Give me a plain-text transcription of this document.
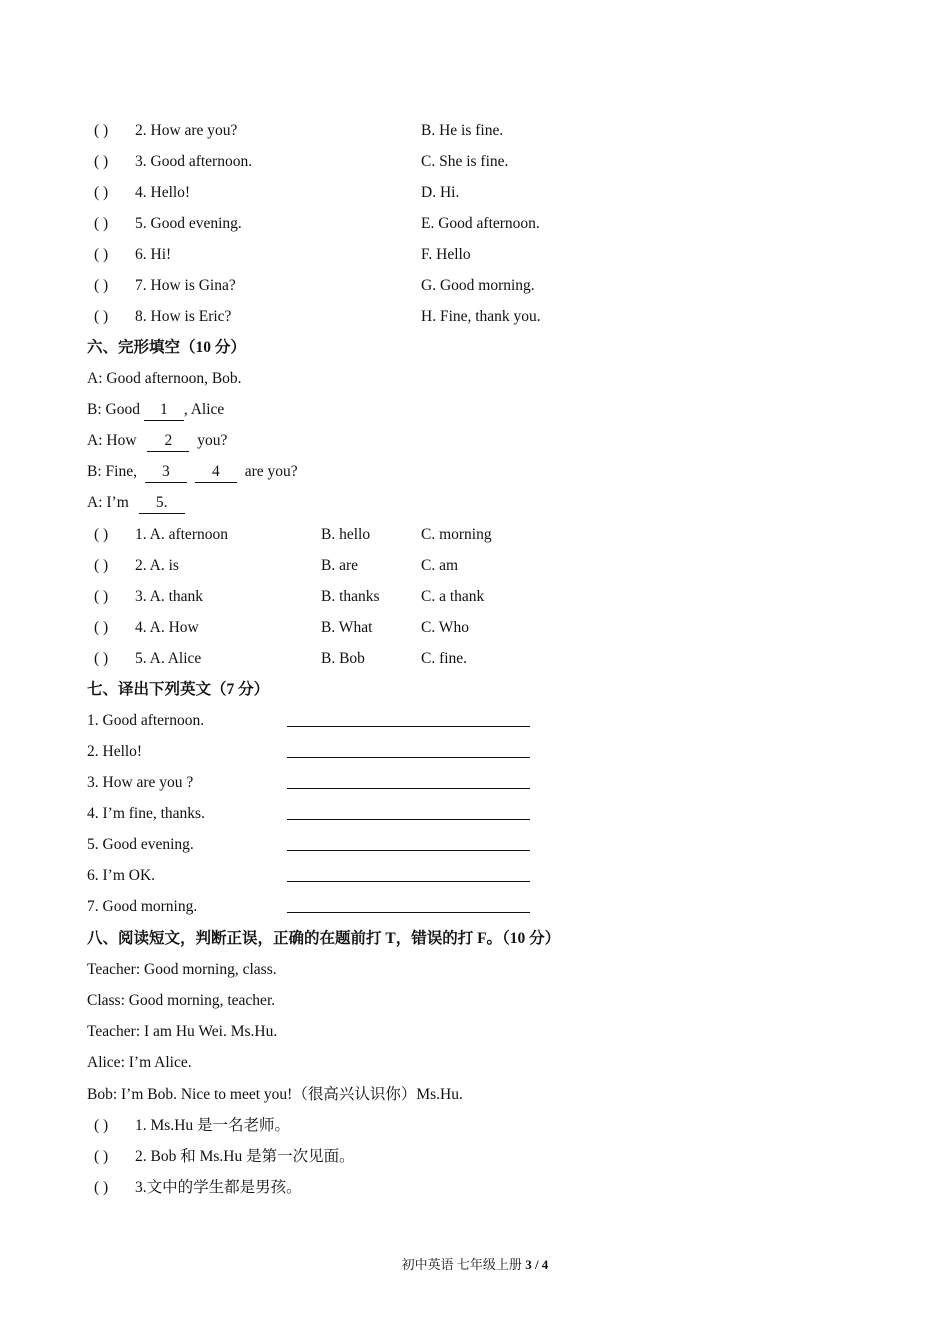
( ) 2. How are you?	B. He is fine.
( ) 3. Good afternoon.	C. She is fine.
( ) 4. Hello!	D. Hi.
( ) 5. Good evening.	E. Good afternoon.
( ) 6. Hi!	F. Hello
( ) 7. How is Gina?	G. Good morning.
( ) 8. How is Eric?	H. Fine, thank you.
六、完形填空（10 分）
A: Good afternoon, Bob.
B: Good 1 , Alice
A: How 2 you?
B: Fine, 3	4 are you?
A: I’m 5.
( ) 1. A. afternoon	B. hello	C. morning
( ) 2. A. is	B. are	C. am
( ) 3. A. thank	B. thanks	C. a thank
( ) 4. A. How	B. What	C. Who
( ) 5. A. Alice	B. Bob	C. fine.
七、译出下列英文（7 分）
1. Good afternoon.
2. Hello!
3. How are you ?
4. I’m fine, thanks.
5. Good evening.
6. I’m OK.
7. Good morning.
八、阅读短文，判断正误，正确的在题前打 T，错误的打 F。（10 分）
Teacher: Good morning, class.
Class: Good morning, teacher.
Teacher: I am Hu Wei. Ms.Hu.
Alice: I’m Alice.
Bob: I’m Bob. Nice to meet you!（很高兴认识你）Ms.Hu.
( ) 1. Ms.Hu 是一名老师。
( ) 2. Bob 和 Ms.Hu 是第一次见面。
( ) 3.文中的学生都是男孩。
初中英语 七年级上册 3 / 4
